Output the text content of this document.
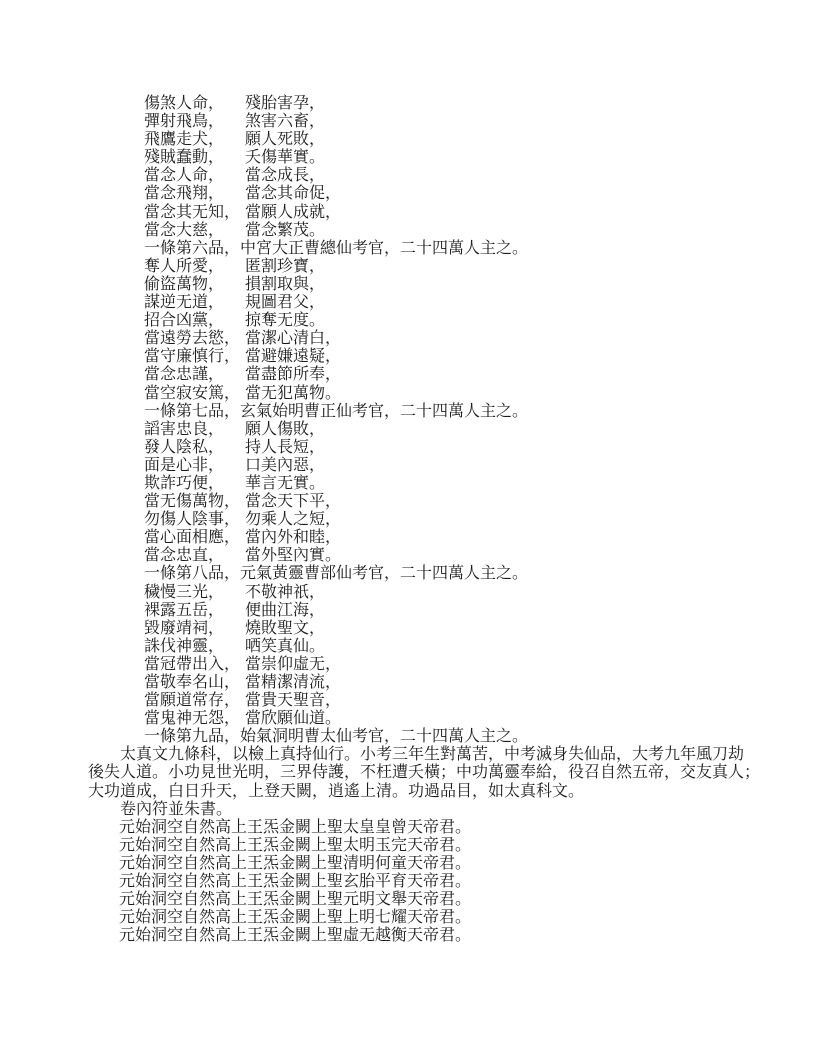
傷煞人命， 殘胎害孕，
彈射飛鳥， 煞害六畜，
飛鷹走犬， 願人死敗，
殘賊蠢動， 夭傷華實。
當念人命， 當念成長，
當念飛翔， 當念其命促，
當念其无知， 當願人成就，
當念大慈， 當念繁茂。
一條第六品，中宮大正曹總仙考官，二十四萬人主之。
奪人所愛， 匿割珍寶，
偷盜萬物， 損割取與，
謀逆无道， 規圖君父，
招合凶黨， 掠奪无度。
當遠勞去慾， 當潔心清白，
當守廉慎行， 當避嫌遠疑，
當念忠謹， 當盡節所奉，
當空寂安篤， 當无犯萬物。
一條第七品，玄氣始明曹正仙考官，二十四萬人主之。
謟害忠良， 願人傷敗，
發人陰私， 持人長短，
面是心非， 口美內惡，
欺詐巧便， 華言无實。
當无傷萬物， 當念天下平，
勿傷人陰事， 勿乘人之短，
當心面相應， 當內外和睦，
當念忠直， 當外堅內實。
一條第八品，元氣黃靈曹部仙考官，二十四萬人主之。
穢慢三光， 不敬神祇，
裸露五岳， 便曲江海，
毀廢靖祠， 燒敗聖文，
誅伐神靈， 哂笑真仙。
當冠帶出入， 當崇仰虛无，
當敬奉名山， 當精潔清流，
當願道常存， 當貴天聖音，
當鬼神无怨， 當欣願仙道。
一條第九品，始氣洞明曹太仙考官，二十四萬人主之。
太真文九條科，以檢上真持仙行。小考三年生對萬苦，中考滅身失仙品，大考九年風刀劫
後失人道。小功見世光明，三界侍護，不枉遭夭橫；中功萬靈奉給，役召自然五帝，交友真人；
大功道成，白日升天，上登天闕，逍遙上清。功過品目，如太真科文。
卷內符並朱書。
元始洞空自然高上王炁金闕上聖太皇皇曾天帝君。
元始洞空自然高上王炁金闕上聖太明玉完天帝君。
元始洞空自然高上王炁金闕上聖清明何童天帝君。
元始洞空自然高上王炁金闕上聖玄胎平育天帝君。
元始洞空自然高上王炁金闕上聖元明文舉天帝君。
元始洞空自然高上王炁金闕上聖上明七耀天帝君。
元始洞空自然高上王炁金闕上聖虛无越衡天帝君。
